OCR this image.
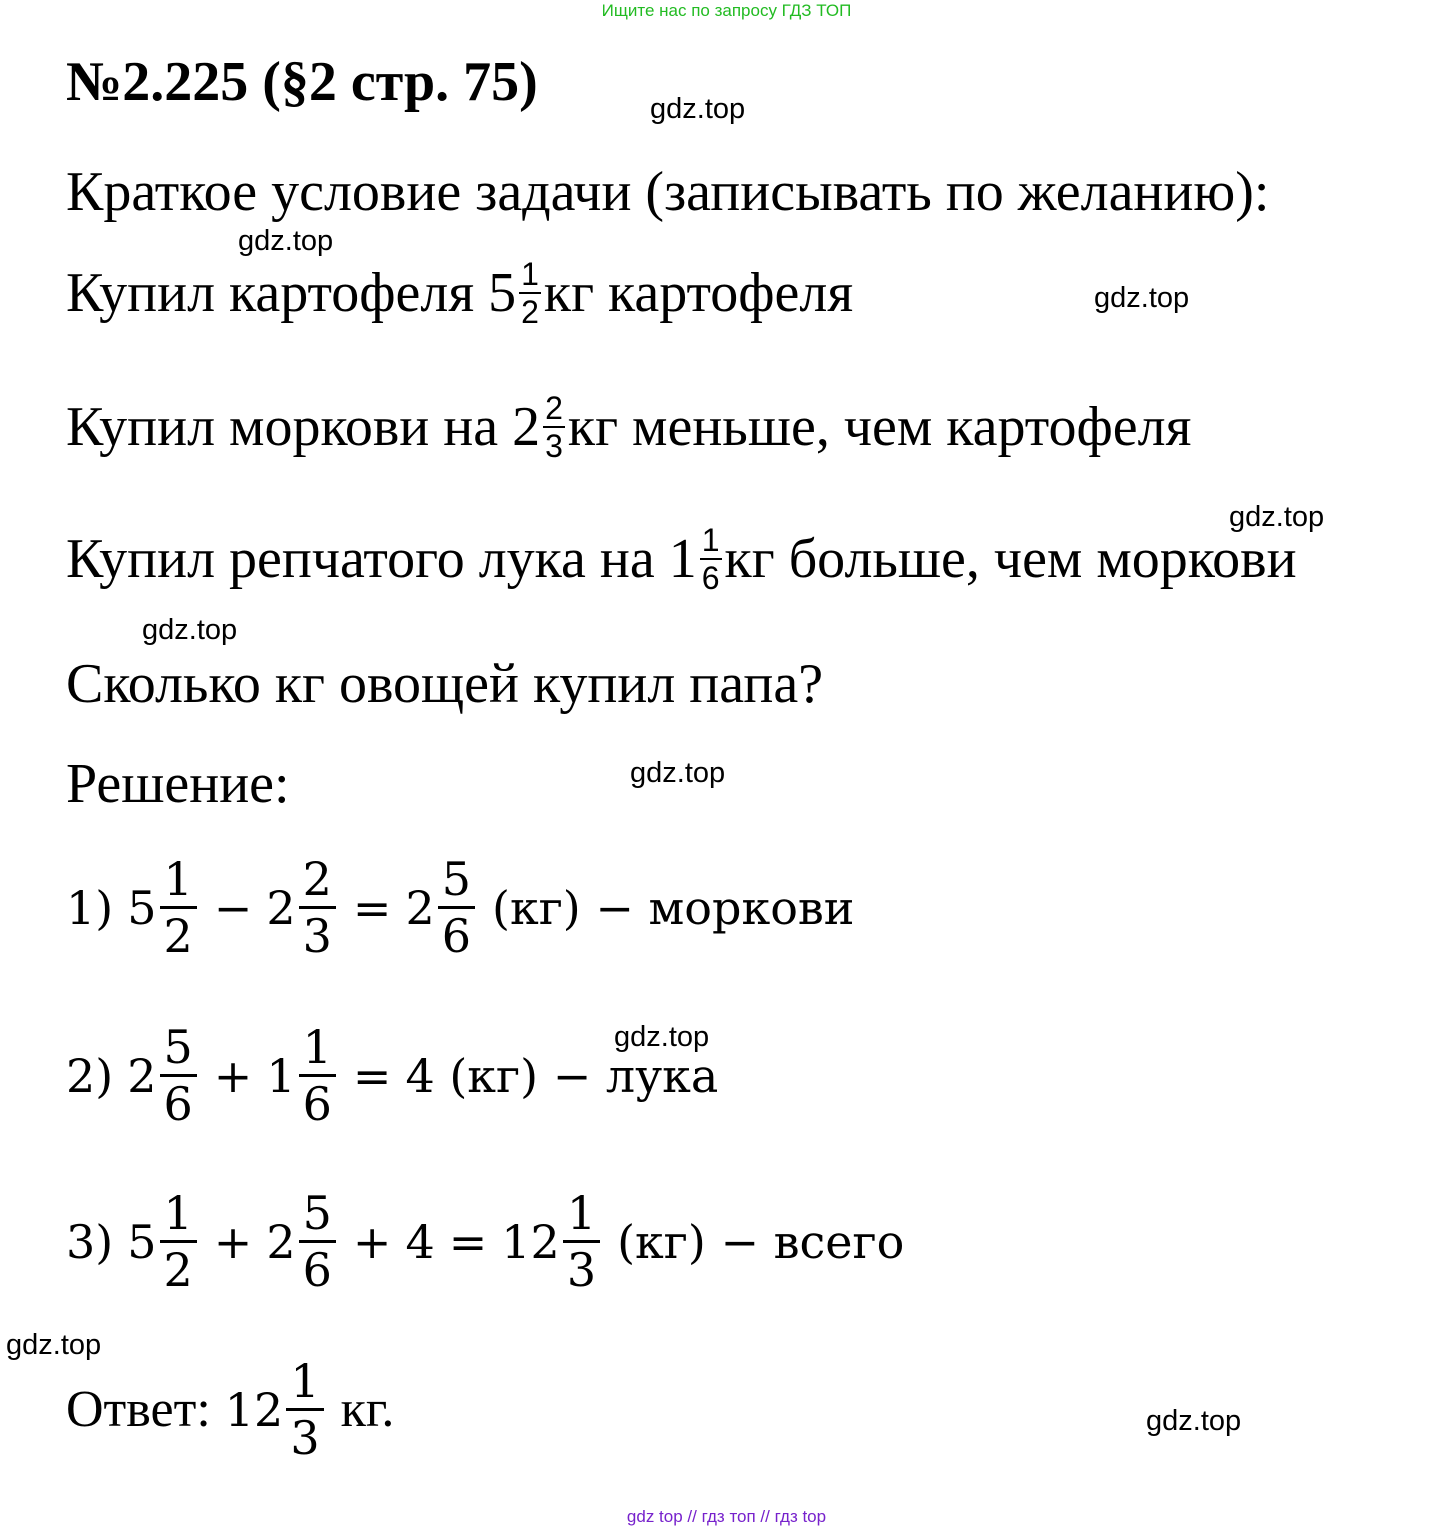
Ищите нас по запросу ГДЗ ТОП
№2.225 (§2 стр. 75)
Краткое условие задачи (записывать по желанию):
Купил картофеля
$5 \frac{1}{2}$ кг картофеля
Купил моркови на
$2 \frac{2}{3}$ кг меньше, чем картофеля
Купил репчатого лука на
$1 \frac{1}{6}$ кг больше, чем моркови
Сколько кг овощей купил папа?
Решение:
1) $5 \frac{1}{2} - 2 \frac{2}{3} = 2 \frac{5}{6} (кг)$ − моркови
2) $2 \frac{5}{6} + 1 \frac{1}{6} = 4$ (кг) − лука
3) $5 \frac{1}{2} + 2 \frac{5}{6} + 4 = 12 \frac{1}{3} (кг)$ − всего
Ответ: $12 \frac{1}{3}$ кг.
gdz.top
gdz.top
gdz.top
gdz.top
gdz.top
gdz.top
gdz.top
gdz.top
gdz.top
gdz top // гдз топ // гдз top
